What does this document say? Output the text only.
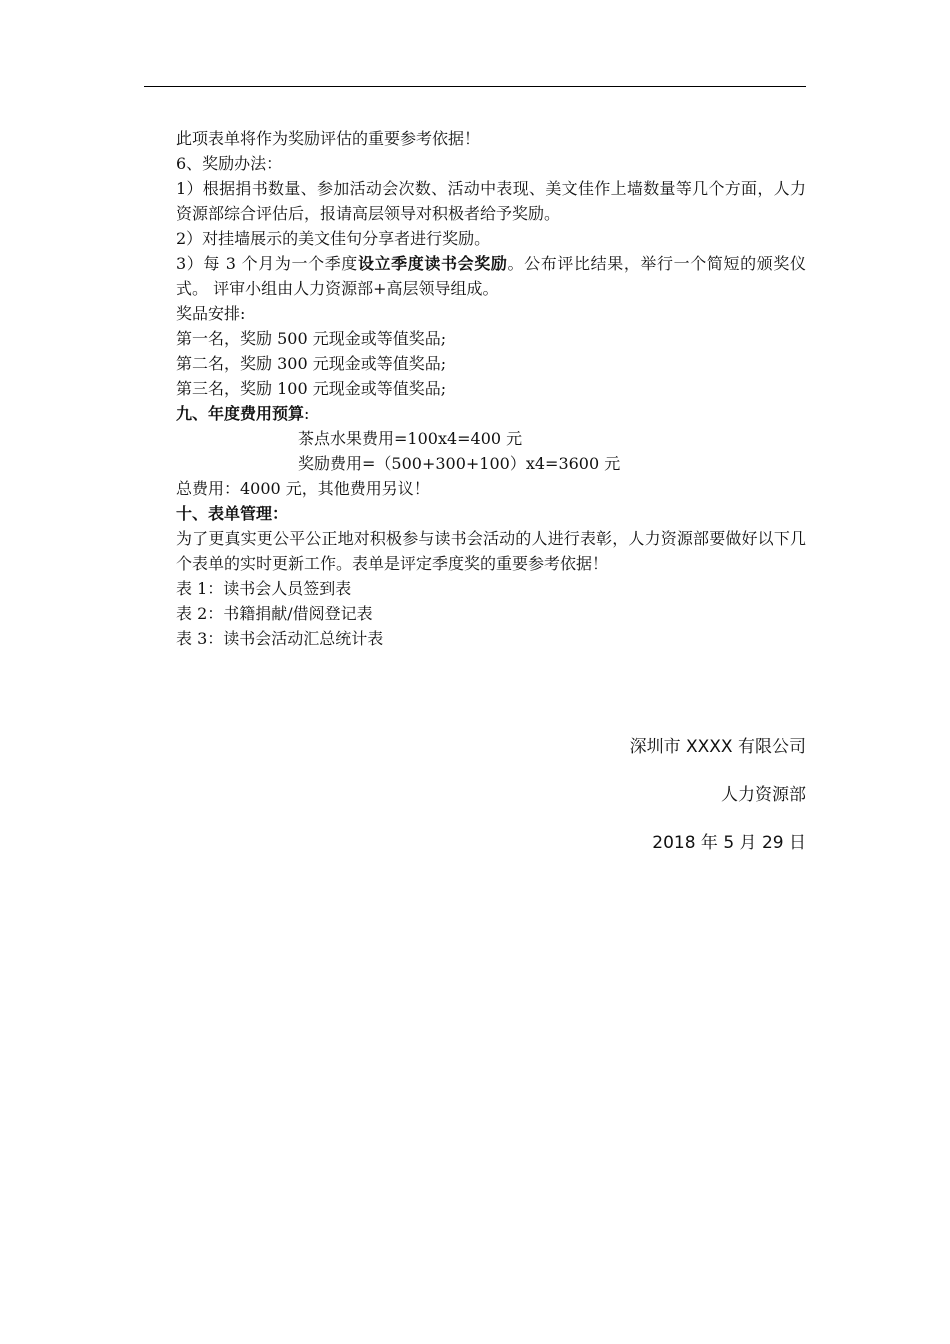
此项表单将作为奖励评估的重要参考依据！

6、奖励办法：

1）根据捐书数量、参加活动会次数、活动中表现、美文佳作上墙数量等几个方面，人力资源部综合评估后，报请高层领导对积极者给予奖励。

2）对挂墙展示的美文佳句分享者进行奖励。

3）每 3 个月为一个季度设立季度读书会奖励。公布评比结果，举行一个简短的颁奖仪式。 评审小组由人力资源部+高层领导组成。

奖品安排:

第一名，奖励 500 元现金或等值奖品;

第二名，奖励 300 元现金或等值奖品;

第三名，奖励 100 元现金或等值奖品;

九、年度费用预算:

茶点水果费用=100x4=400 元

奖励费用=（500+300+100）x4=3600 元

总费用：4000 元，其他费用另议！

十、表单管理：

为了更真实更公平公正地对积极参与读书会活动的人进行表彰，人力资源部要做好以下几个表单的实时更新工作。表单是评定季度奖的重要参考依据！

表 1：读书会人员签到表

表 2：书籍捐献/借阅登记表

表 3：读书会活动汇总统计表

深圳市 XXXX 有限公司
人力资源部
2018 年 5 月 29 日
